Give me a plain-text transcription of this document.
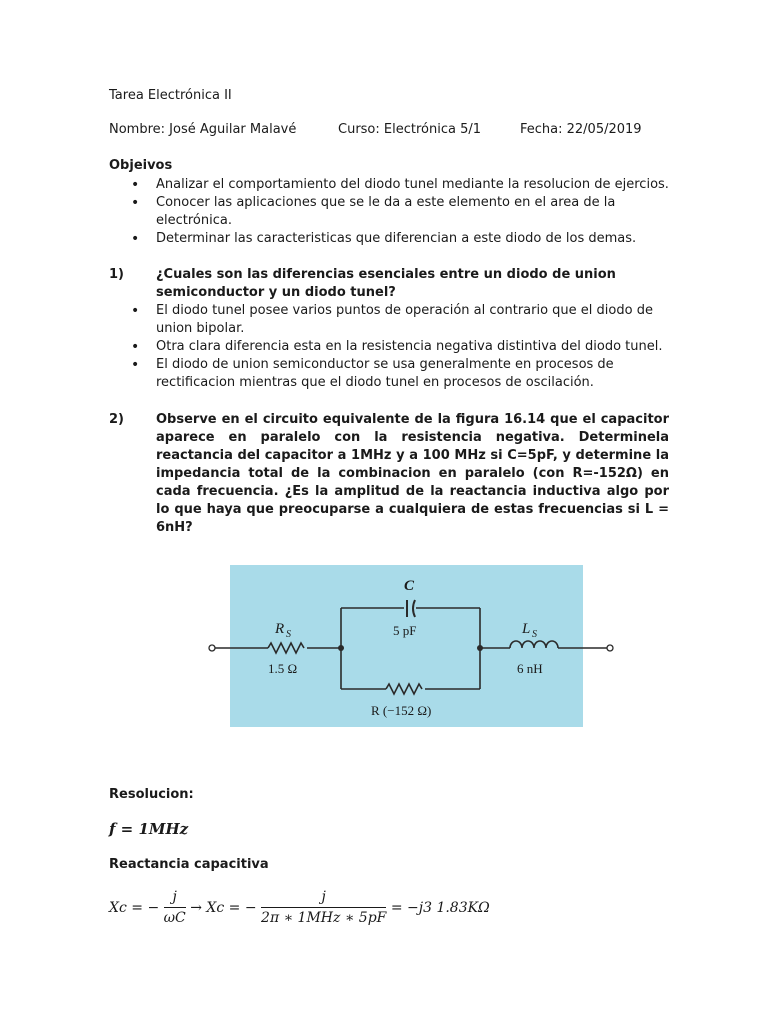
Tarea Electrónica II
Nombre: José Aguilar Malavé	Curso: Electrónica 5/1	Fecha: 22/05/2019
Objeivos
• Analizar el comportamiento del diodo tunel mediante la resolucion de ejercios.
• Conocer las aplicaciones que se le da a este elemento en el area de la electrónica.
• Determinar las caracteristicas que diferencian a este diodo de los demas.
1) ¿Cuales son las diferencias esenciales entre un diodo de union semiconductor y un diodo tunel?
• El diodo tunel posee varios puntos de operación al contrario que el diodo de union bipolar.
• Otra clara diferencia esta en la resistencia negativa distintiva del diodo tunel.
• El diodo de union semiconductor se usa generalmente en procesos de rectificacion mientras que el diodo tunel en procesos de oscilación.
2) Observe en el circuito equivalente de la figura 16.14 que el capacitor aparece en paralelo con la resistencia negativa. Determinela reactancia del capacitor a 1MHz y a 100 MHz si C=5pF, y determine la impedancia total de la combinacion en paralelo (con R=-152Ω) en cada frecuencia. ¿Es la amplitud de la reactancia inductiva algo por lo que haya que preocuparse a cualquiera de estas frecuencias si L = 6nH?
C
5 pF
R S
1.5 Ω
L S
6 nH
R (−152 Ω)
Resolucion:
f = 1MHz
Reactancia capacitiva
Xc = − $\frac{j}{\omega C} \to Xc$ = − $\frac{j}{\text{2π ∗ 1MHz ∗ 5pF}} = -j3$ 1.83KΩ
